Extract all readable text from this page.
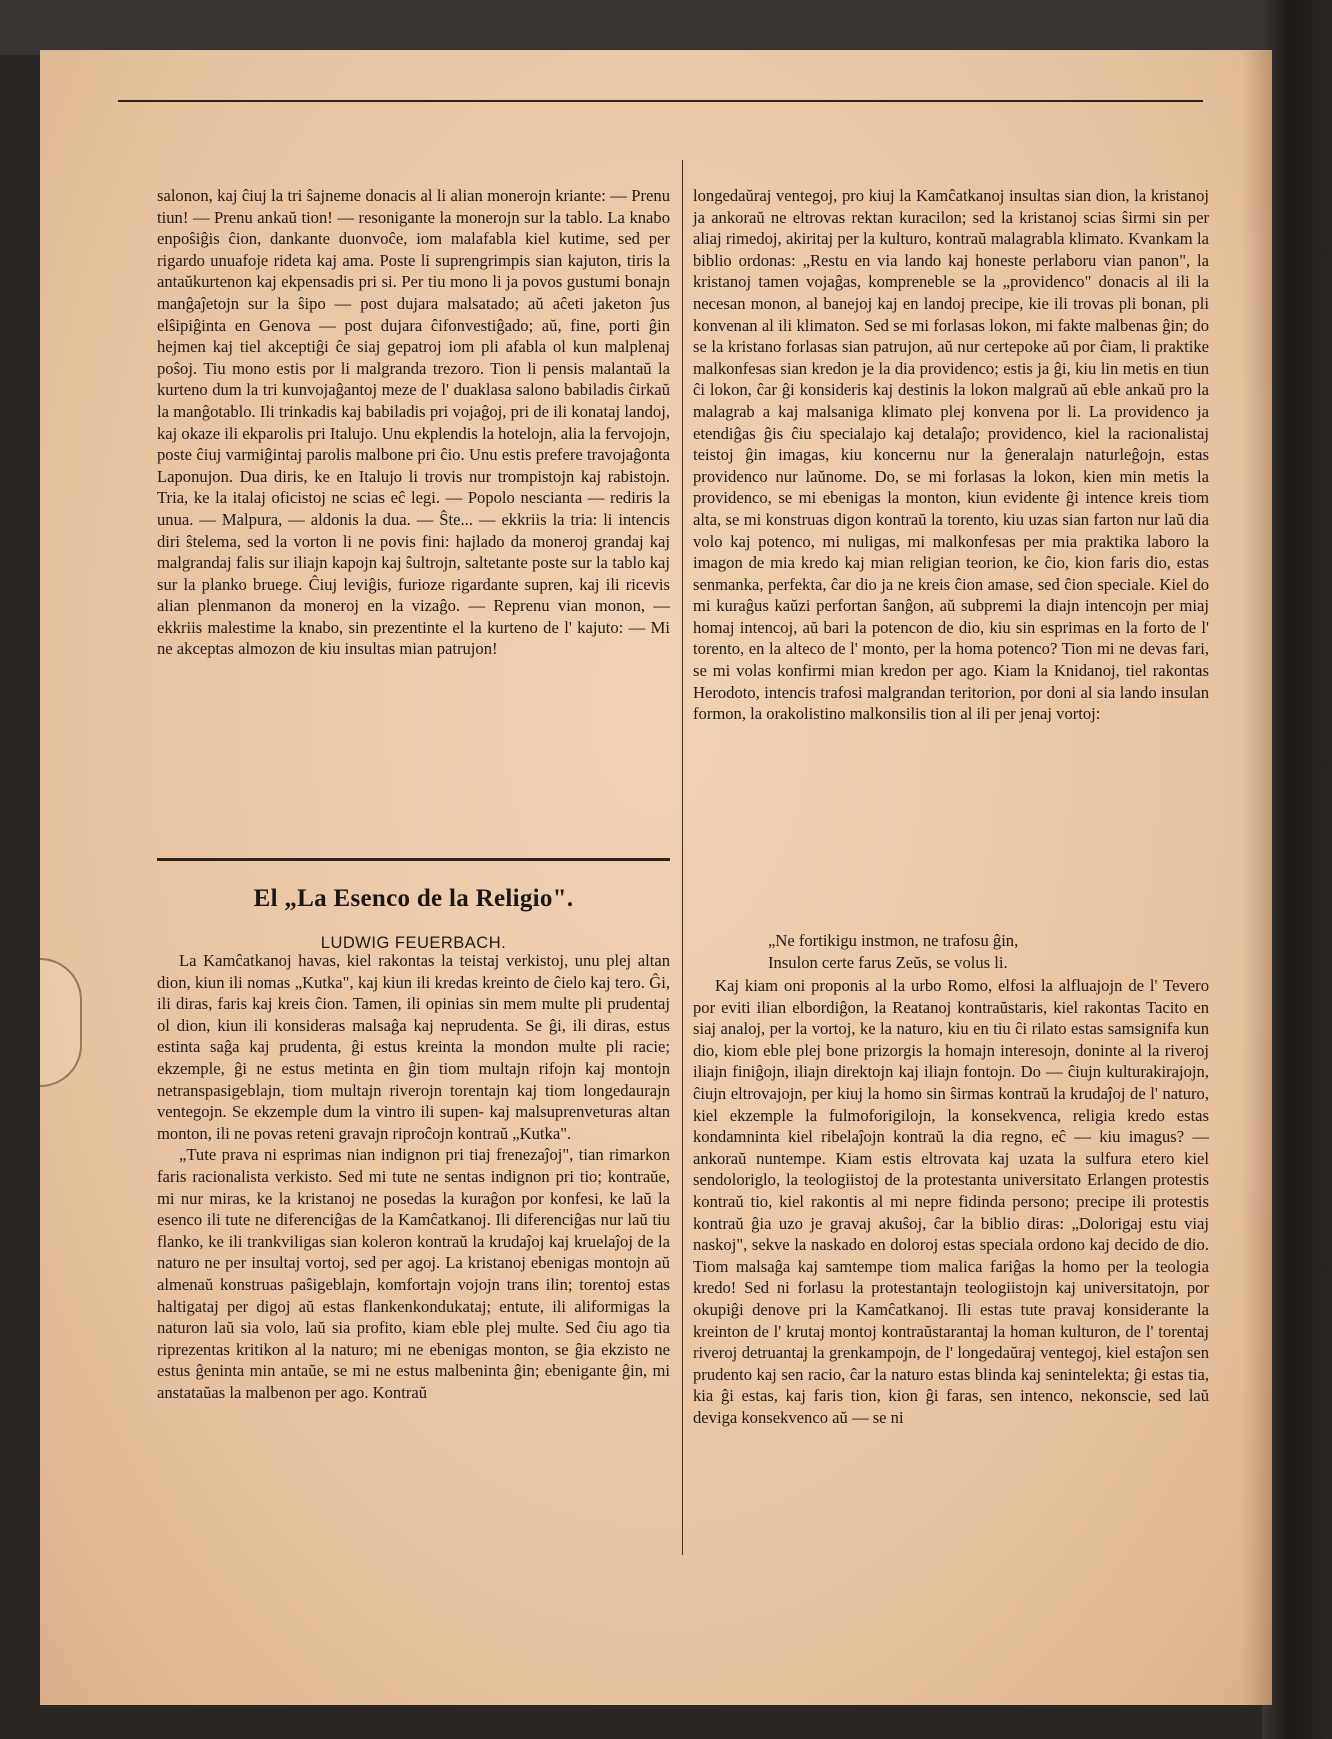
salonon, kaj ĉiuj la tri ŝajneme donacis al li alian monerojn kriante: — Prenu tiun! — Prenu ankaŭ tion! — resonigante la monerojn sur la tablo. La knabo enpoŝiĝis ĉion, dankante duonvoĉe, iom malafabla kiel kutime, sed per rigardo unuafoje rideta kaj ama. Poste li suprengrimpis sian kajuton, tiris la antaŭkurtenon kaj ekpensadis pri si. Per tiu mono li ja povos gustumi bonajn manĝaĵetojn sur la ŝipo — post dujara malsatado; aŭ aĉeti jaketon ĵus elŝipiĝinta en Genova — post dujara ĉifonvestiĝado; aŭ, fine, porti ĝin hejmen kaj tiel akceptiĝi ĉe siaj gepatroj iom pli afabla ol kun malplenaj poŝoj. Tiu mono estis por li malgranda trezoro. Tion li pensis malantaŭ la kurteno dum la tri kunvojaĝantoj meze de l' duaklasa salono babiladis ĉirkaŭ la manĝotablo. Ili trinkadis kaj babiladis pri vojaĝoj, pri de ili konataj landoj, kaj okaze ili ekparolis pri Italujo. Unu ekplendis la hotelojn, alia la fervojojn, poste ĉiuj varmiĝintaj parolis malbone pri ĉio. Unu estis prefere travojaĝonta Laponujon. Dua diris, ke en Italujo li trovis nur trompistojn kaj rabistojn. Tria, ke la italaj oficistoj ne scias eĉ legi. — Popolo nescianta — rediris la unua. — Malpura, — aldonis la dua. — Ŝte... — ekkriis la tria: li intencis diri ŝtelema, sed la vorton li ne povis fini: hajlado da moneroj grandaj kaj malgrandaj falis sur iliajn kapojn kaj ŝultrojn, saltetante poste sur la tablo kaj sur la planko bruege. Ĉiuj leviĝis, furioze rigardante supren, kaj ili ricevis alian plenmanon da moneroj en la vizaĝo. — Reprenu vian monon, — ekkriis malestime la knabo, sin prezentinte el la kurteno de l' kajuto: — Mi ne akceptas almozon de kiu insultas mian patrujon!

El „La Esenco de la Religio".
LUDWIG FEUERBACH.

La Kamĉatkanoj havas, kiel rakontas la teistaj verkistoj, unu plej altan dion, kiun ili nomas „Kutka", kaj kiun ili kredas kreinto de ĉielo kaj tero. Ĝi, ili diras, faris kaj kreis ĉion. Tamen, ili opinias sin mem multe pli prudentaj ol dion, kiun ili konsideras malsaĝa kaj neprudenta. Se ĝi, ili diras, estus estinta saĝa kaj prudenta, ĝi estus kreinta la mondon multe pli racie; ekzemple, ĝi ne estus metinta en ĝin tiom multajn rifojn kaj montojn netranspasigeblajn, tiom multajn riverojn torentajn kaj tiom longedaurajn ventegojn. Se ekzemple dum la vintro ili supen- kaj malsuprenveturas altan monton, ili ne povas reteni gravajn riproĉojn kontraŭ „Kutka".

„Tute prava ni esprimas nian indignon pri tiaj frenezaĵoj", tian rimarkon faris racionalista verkisto. Sed mi tute ne sentas indignon pri tio; kontraŭe, mi nur miras, ke la kristanoj ne posedas la kuraĝon por konfesi, ke laŭ la esenco ili tute ne diferenciĝas de la Kamĉatkanoj. Ili diferenciĝas nur laŭ tiu flanko, ke ili trankviligas sian koleron kontraŭ la krudaĵoj kaj kruelaĵoj de la naturo ne per insultaj vortoj, sed per agoj. La kristanoj ebenigas montojn aŭ almenaŭ konstruas paŝigeblajn, komfortajn vojojn trans ilin; torentoj estas haltigataj per digoj aŭ estas flankenkondukataj; entute, ili aliformigas la naturon laŭ sia volo, laŭ sia profito, kiam eble plej multe. Sed ĉiu ago tia riprezentas kritikon al la naturo; mi ne ebenigas monton, se ĝia ekzisto ne estus ĝeninta min antaŭe, se mi ne estus malbeninta ĝin; ebenigante ĝin, mi anstataŭas la malbenon per ago. Kontraŭ

longedaŭraj ventegoj, pro kiuj la Kamĉatkanoj insultas sian dion, la kristanoj ja ankoraŭ ne eltrovas rektan kuracilon; sed la kristanoj scias ŝirmi sin per aliaj rimedoj, akiritaj per la kulturo, kontraŭ malagrabla klimato. Kvankam la biblio ordonas: „Restu en via lando kaj honeste perlaboru vian panon", la kristanoj tamen vojaĝas, kompreneble se la „providenco" donacis al ili la necesan monon, al banejoj kaj en landoj precipe, kie ili trovas pli bonan, pli konvenan al ili klimaton. Sed se mi forlasas lokon, mi fakte malbenas ĝin; do se la kristano forlasas sian patrujon, aŭ nur certepoke aŭ por ĉiam, li praktike malkonfesas sian kredon je la dia providenco; estis ja ĝi, kiu lin metis en tiun ĉi lokon, ĉar ĝi konsideris kaj destinis la lokon malgraŭ aŭ eble ankaŭ pro la malagrab a kaj malsaniga klimato plej konvena por li. La providenco ja etendiĝas ĝis ĉiu specialajo kaj detalaĵo; providenco, kiel la racionalistaj teistoj ĝin imagas, kiu koncernu nur la ĝeneralajn naturleĝojn, estas providenco nur laŭnome. Do, se mi forlasas la lokon, kien min metis la providenco, se mi ebenigas la monton, kiun evidente ĝi intence kreis tiom alta, se mi konstruas digon kontraŭ la torento, kiu uzas sian farton nur laŭ dia volo kaj potenco, mi nuligas, mi malkonfesas per mia praktika laboro la imagon de mia kredo kaj mian religian teorion, ke ĉio, kion faris dio, estas senmanka, perfekta, ĉar dio ja ne kreis ĉion amase, sed ĉion speciale. Kiel do mi kuraĝus kaŭzi perfortan ŝanĝon, aŭ subpremi la diajn intencojn per miaj homaj intencoj, aŭ bari la potencon de dio, kiu sin esprimas en la forto de l' torento, en la alteco de l' monto, per la homa potenco? Tion mi ne devas fari, se mi volas konfirmi mian kredon per ago. Kiam la Knidanoj, tiel rakontas Herodoto, intencis trafosi malgrandan teritorion, por doni al sia lando insulan formon, la orakolistino malkonsilis tion al ili per jenaj vortoj:

„Ne fortikigu instmon, ne trafosu ĝin,
Insulon certe farus Zeŭs, se volus li.

Kaj kiam oni proponis al la urbo Romo, elfosi la alfluajojn de l' Tevero por eviti ilian elbordiĝon, la Reatanoj kontraŭstaris, kiel rakontas Tacito en siaj analoj, per la vortoj, ke la naturo, kiu en tiu ĉi rilato estas samsignifa kun dio, kiom eble plej bone prizorgis la homajn interesojn, doninte al la riveroj iliajn finiĝojn, iliajn direktojn kaj iliajn fontojn. Do — ĉiujn kulturakirajojn, ĉiujn eltrovajojn, per kiuj la homo sin ŝirmas kontraŭ la krudaĵoj de l' naturo, kiel ekzemple la fulmoforigilojn, la konsekvenca, religia kredo estas kondamninta kiel ribelaĵojn kontraŭ la dia regno, eĉ — kiu imagus? — ankoraŭ nuntempe. Kiam estis eltrovata kaj uzata la sulfura etero kiel sendoloriglo, la teologiistoj de la protestanta universitato Erlangen protestis kontraŭ tio, kiel rakontis al mi nepre fidinda persono; precipe ili protestis kontraŭ ĝia uzo je gravaj akuŝoj, ĉar la biblio diras: „Dolorigaj estu viaj naskoj", sekve la naskado en doloroj estas speciala ordono kaj decido de dio. Tiom malsaĝa kaj samtempe tiom malica fariĝas la homo per la teologia kredo! Sed ni forlasu la protestantajn teologiistojn kaj universitatojn, por okupiĝi denove pri la Kamĉatkanoj. Ili estas tute pravaj konsiderante la kreinton de l' krutaj montoj kontraŭstarantaj la homan kulturon, de l' torentaj riveroj detruantaj la grenkampojn, de l' longedaŭraj ventegoj, kiel estaĵon sen prudento kaj sen racio, ĉar la naturo estas blinda kaj senintelekta; ĝi estas tia, kia ĝi estas, kaj faris tion, kion ĝi faras, sen intenco, nekonscie, sed laŭ deviga konsekvenco aŭ — se ni
